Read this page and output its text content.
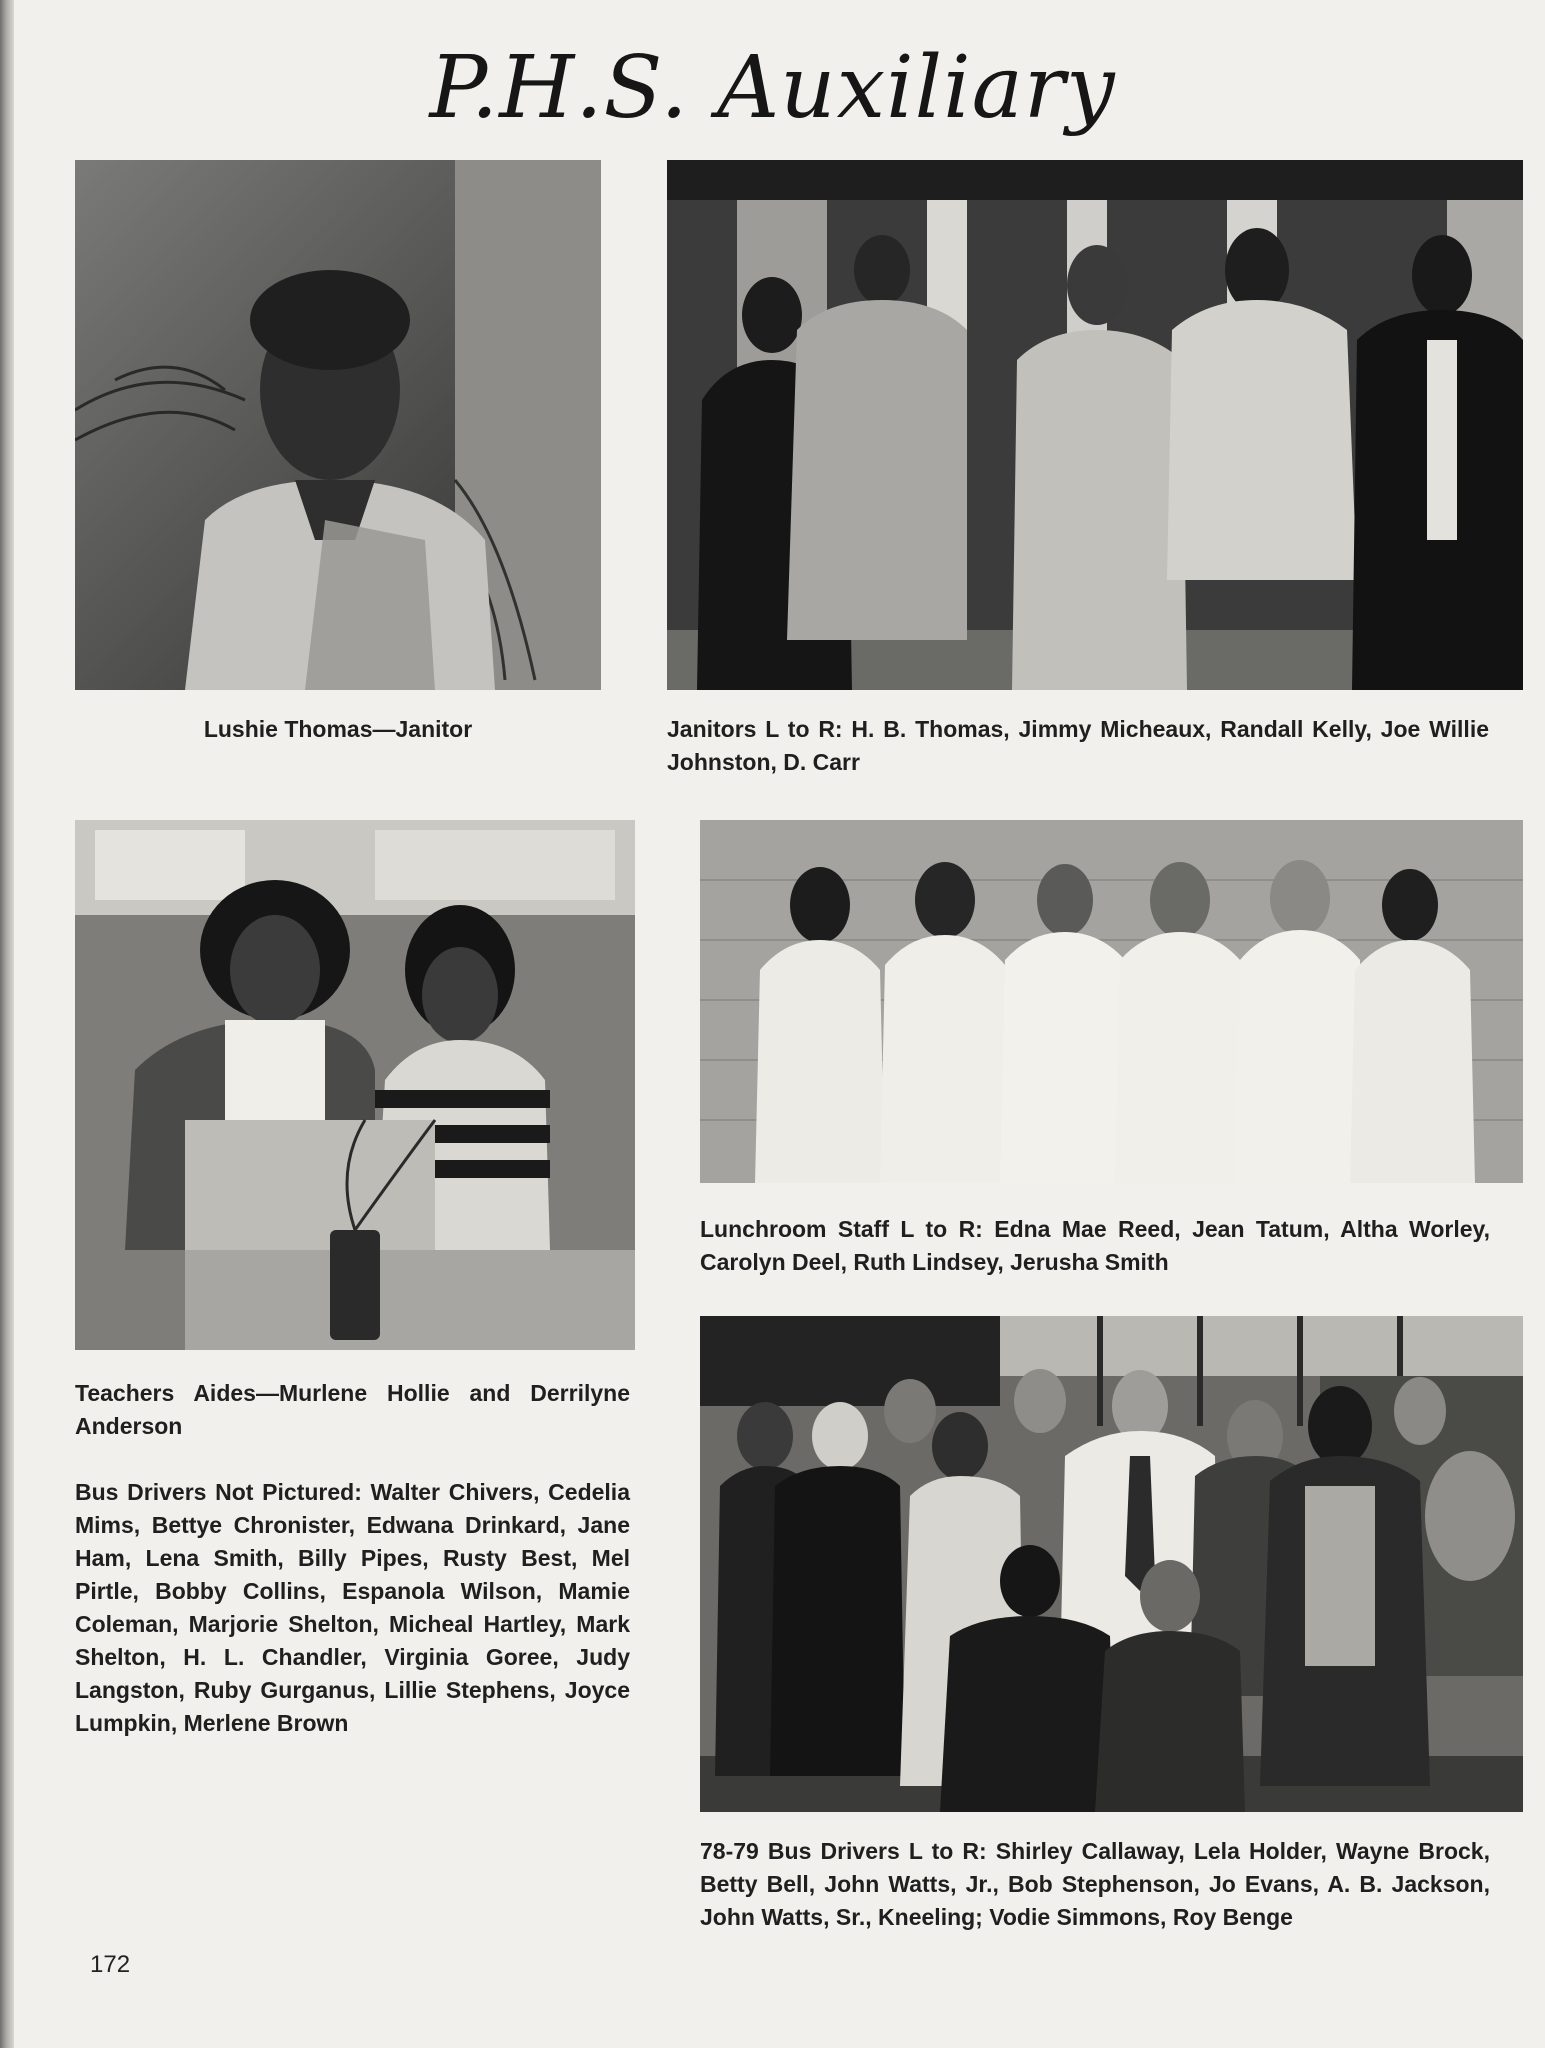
P.H.S. Auxiliary

Lushie Thomas—Janitor	Janitors L to R: H. B. Thomas, Jimmy Micheaux, Randall Kelly, Joe Willie Johnston, D. Carr

Lunchroom Staff L to R: Edna Mae Reed, Jean Tatum, Altha Worley, Carolyn Deel, Ruth Lindsey, Jerusha Smith

Teachers Aides—Murlene Hollie and Derrilyne Anderson

Bus Drivers Not Pictured: Walter Chivers, Cedelia Mims, Bettye Chronister, Edwana Drinkard, Jane Ham, Lena Smith, Billy Pipes, Rusty Best, Mel Pirtle, Bobby Collins, Espanola Wilson, Mamie Coleman, Marjorie Shelton, Micheal Hartley, Mark Shelton, H. L. Chandler, Virginia Goree, Judy Langston, Ruby Gurganus, Lillie Stephens, Joyce Lumpkin, Merlene Brown

78-79 Bus Drivers L to R: Shirley Callaway, Lela Holder, Wayne Brock, Betty Bell, John Watts, Jr., Bob Stephenson, Jo Evans, A. B. Jackson, John Watts, Sr., Kneeling; Vodie Simmons, Roy Benge

172
